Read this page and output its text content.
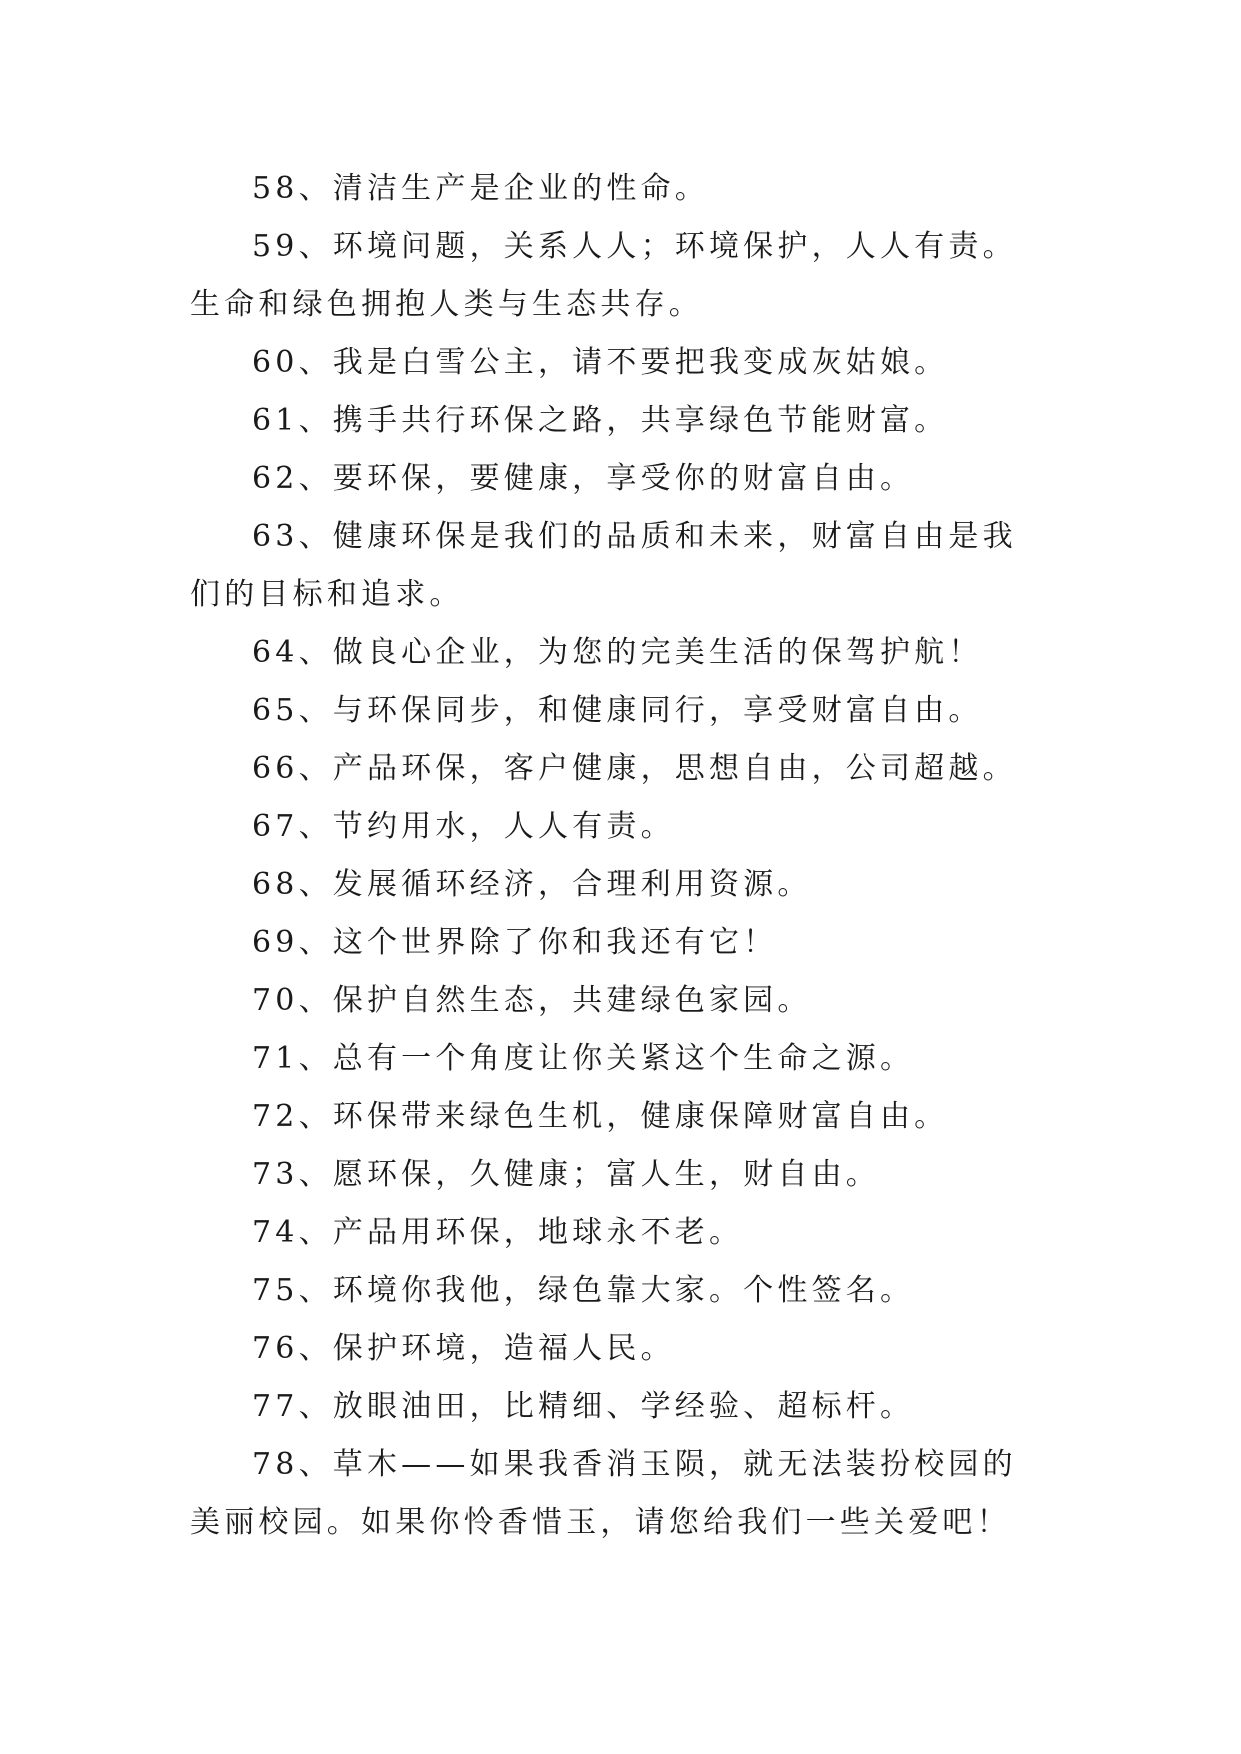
58、清洁生产是企业的性命。

59、环境问题，关系人人；环境保护，人人有责。生命和绿色拥抱人类与生态共存。

60、我是白雪公主，请不要把我变成灰姑娘。

61、携手共行环保之路，共享绿色节能财富。

62、要环保，要健康，享受你的财富自由。

63、健康环保是我们的品质和未来，财富自由是我们的目标和追求。

64、做良心企业，为您的完美生活的保驾护航！

65、与环保同步，和健康同行，享受财富自由。

66、产品环保，客户健康，思想自由，公司超越。

67、节约用水，人人有责。

68、发展循环经济，合理利用资源。

69、这个世界除了你和我还有它！

70、保护自然生态，共建绿色家园。

71、总有一个角度让你关紧这个生命之源。

72、环保带来绿色生机，健康保障财富自由。

73、愿环保，久健康；富人生，财自由。

74、产品用环保，地球永不老。

75、环境你我他，绿色靠大家。个性签名。

76、保护环境，造福人民。

77、放眼油田，比精细、学经验、超标杆。

78、草木——如果我香消玉陨，就无法装扮校园的美丽校园。如果你怜香惜玉，请您给我们一些关爱吧！
